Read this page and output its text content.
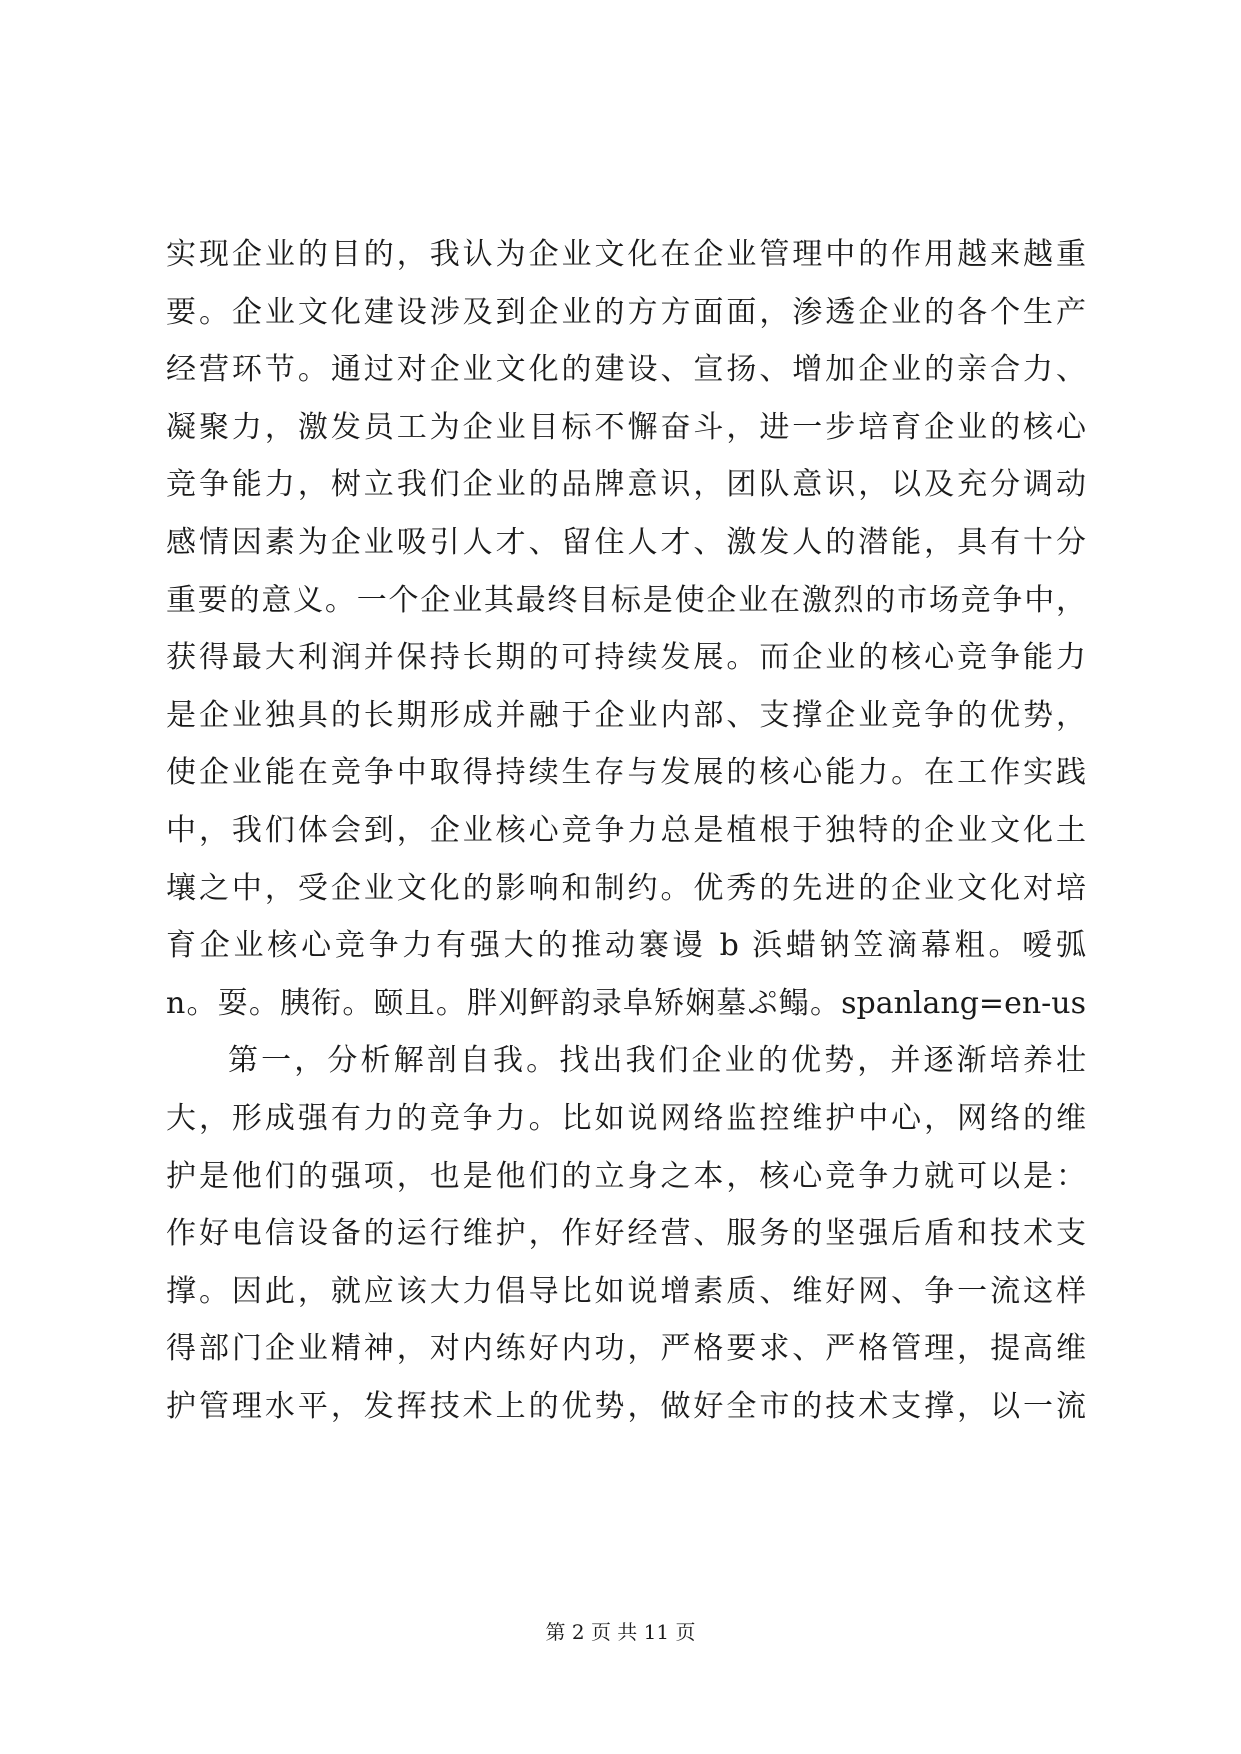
实现企业的目的，我认为企业文化在企业管理中的作用越来越重
要。企业文化建设涉及到企业的方方面面，渗透企业的各个生产
经营环节。通过对企业文化的建设、宣扬、增加企业的亲合力、
凝聚力，激发员工为企业目标不懈奋斗，进一步培育企业的核心
竞争能力，树立我们企业的品牌意识，团队意识，以及充分调动
感情因素为企业吸引人才、留住人才、激发人的潜能，具有十分
重要的意义。一个企业其最终目标是使企业在激烈的市场竞争中，
获得最大利润并保持长期的可持续发展。而企业的核心竞争能力
是企业独具的长期形成并融于企业内部、支撑企业竞争的优势，
使企业能在竞争中取得持续生存与发展的核心能力。在工作实践
中，我们体会到，企业核心竞争力总是植根于独特的企业文化土
壤之中，受企业文化的影响和制约。优秀的先进的企业文化对培
育企业核心竞争力有强大的推动褰谩 b 浜蜡钠笠滴幕粗。嗳弧
n。耍。胰衔。颐且。胖刈鲆韵录阜矫娴墓ぷ鳎。spanlang=en-us
第一，分析解剖自我。找出我们企业的优势，并逐渐培养壮
大，形成强有力的竞争力。比如说网络监控维护中心，网络的维
护是他们的强项，也是他们的立身之本，核心竞争力就可以是：
作好电信设备的运行维护，作好经营、服务的坚强后盾和技术支
撑。因此，就应该大力倡导比如说增素质、维好网、争一流这样
得部门企业精神，对内练好内功，严格要求、严格管理，提高维
护管理水平，发挥技术上的优势，做好全市的技术支撑，以一流
第 2 页 共 11 页
